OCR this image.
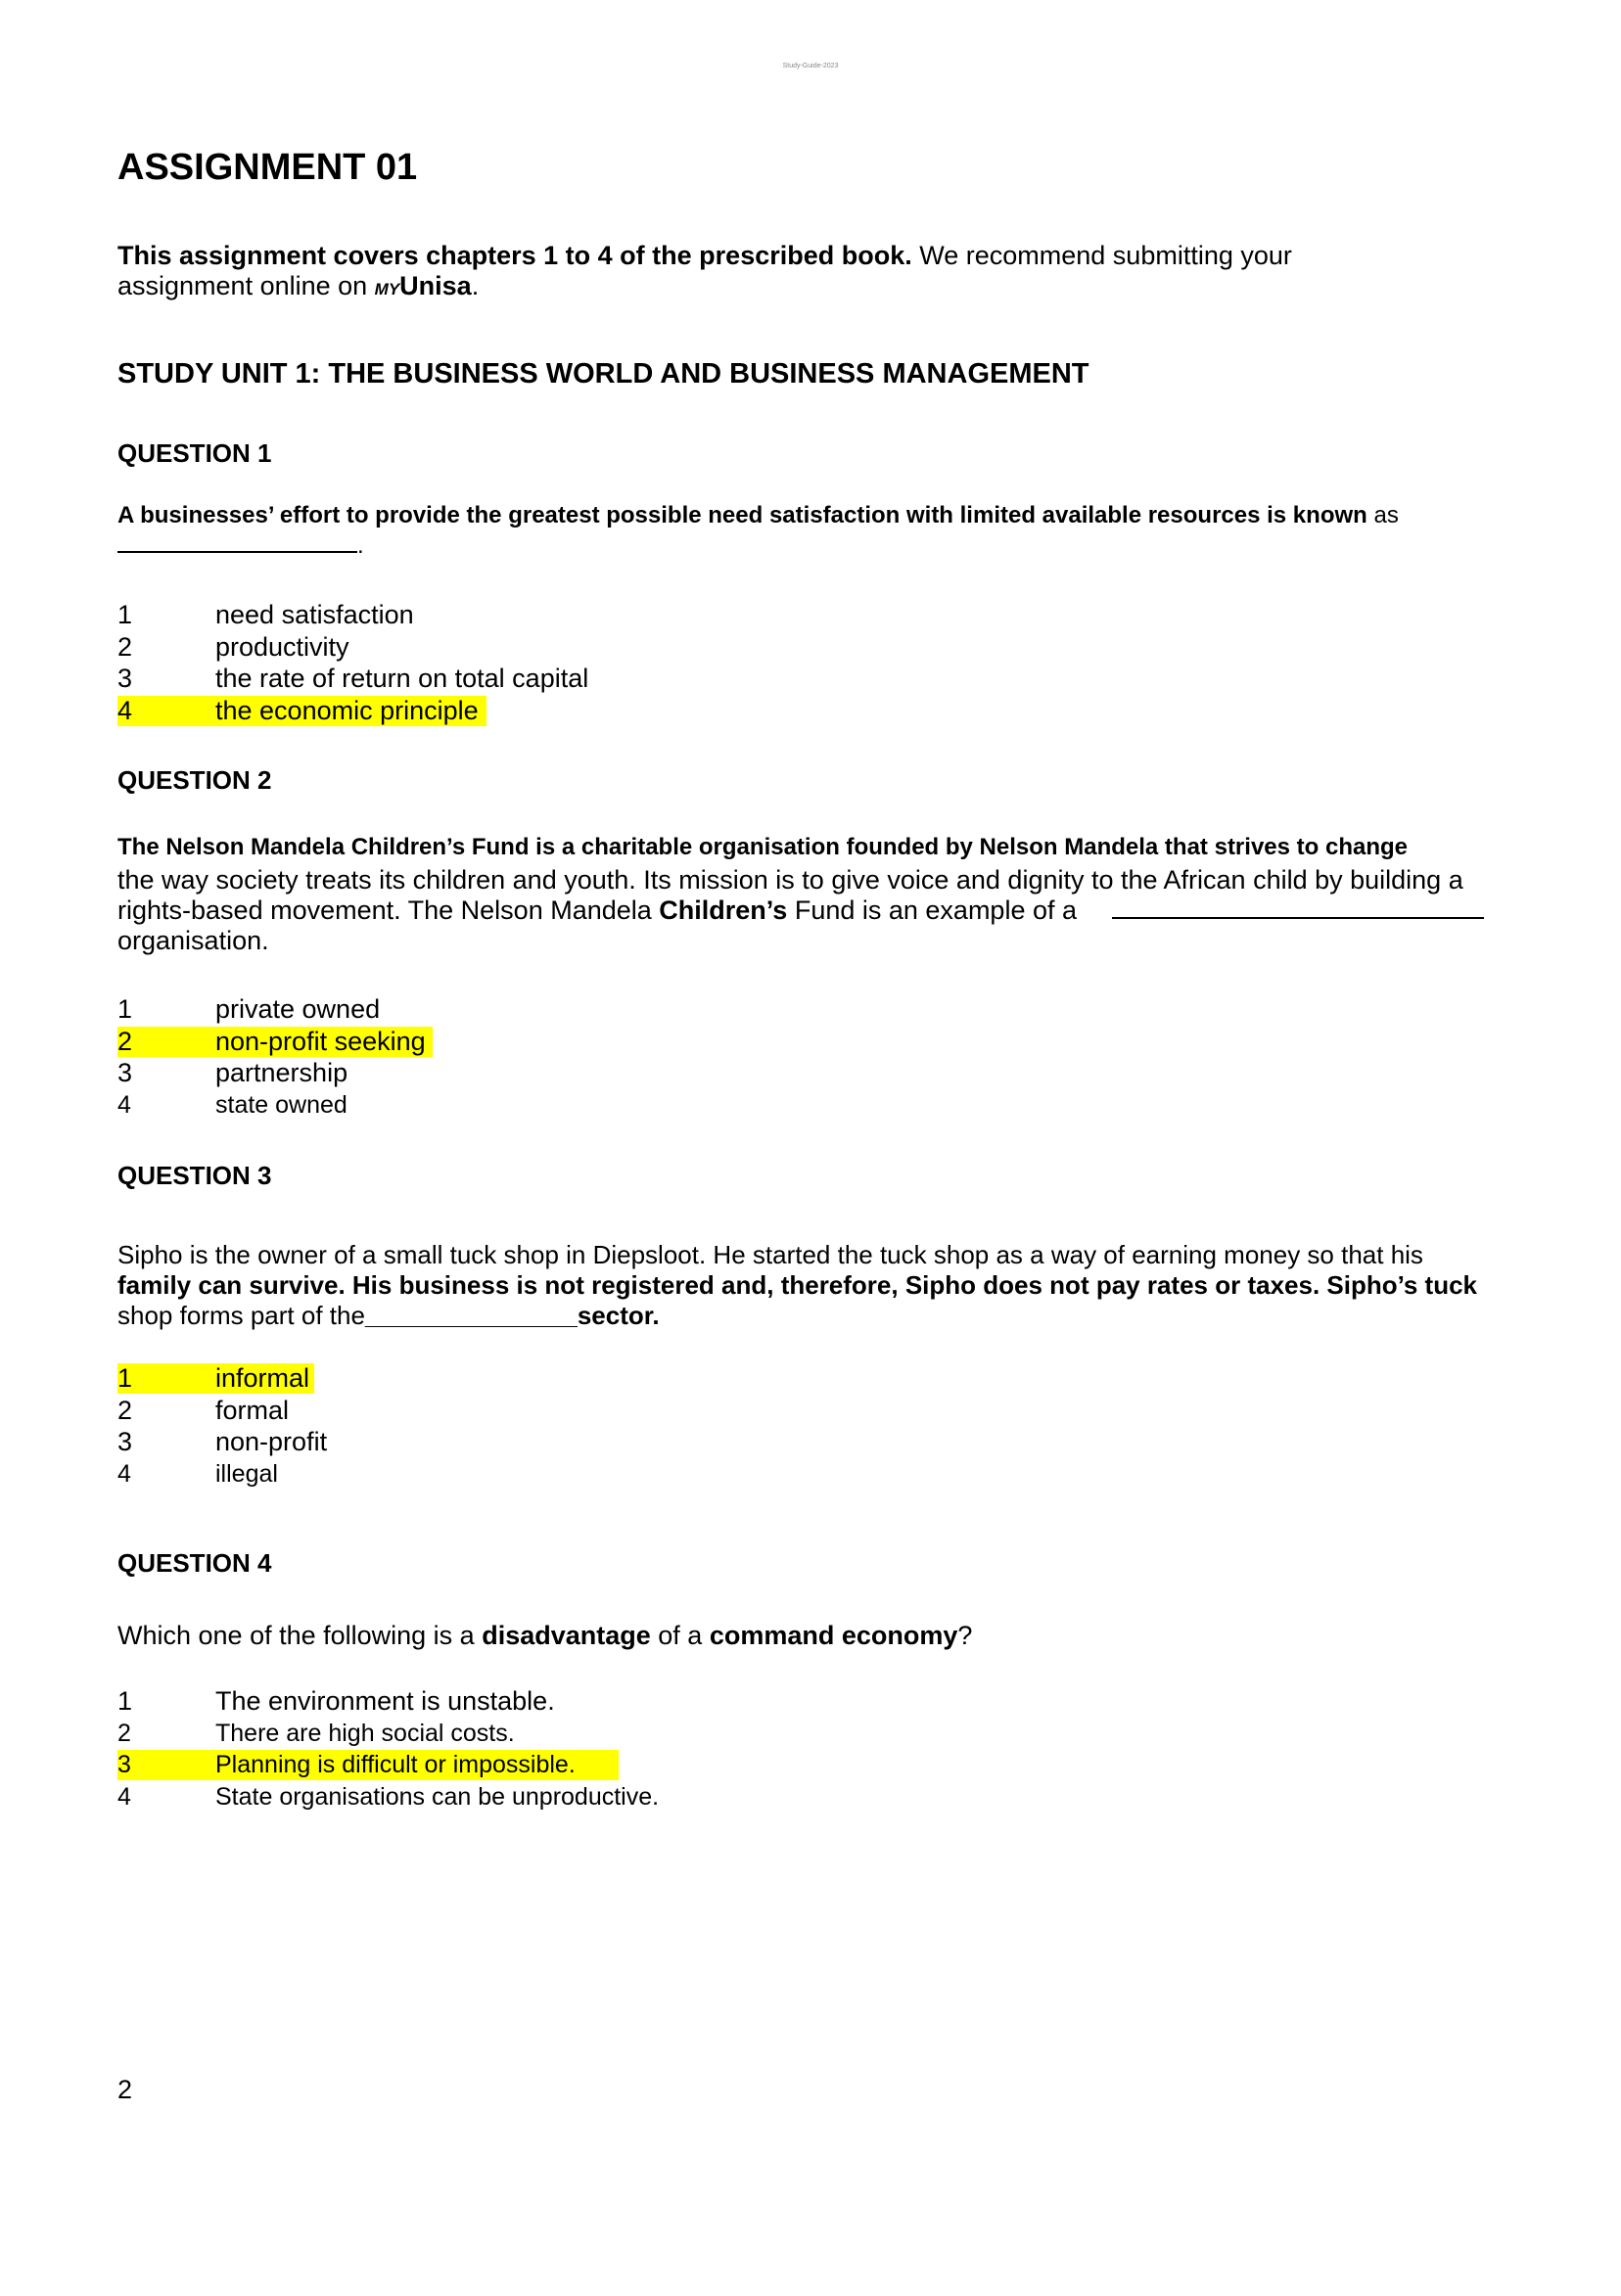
Study-Guide-2023
ASSIGNMENT 01
This assignment covers chapters 1 to 4 of the prescribed book. We recommend submitting your
assignment online on MYUnisa.
STUDY UNIT 1: THE BUSINESS WORLD AND BUSINESS MANAGEMENT
QUESTION 1
A businesses’ effort to provide the greatest possible need satisfaction with limited available resources is known as
.
1	need satisfaction
2	productivity
3	the rate of return on total capital
4	the economic principle
QUESTION 2
The Nelson Mandela Children’s Fund is a charitable organisation founded by Nelson Mandela that strives to change
the way society treats its children and youth. Its mission is to give voice and dignity to the African child by building a
rights-based movement. The Nelson Mandela Children’s Fund is an example of a
organisation.
1	private owned
2	non-profit seeking
3	partnership
4	state owned
QUESTION 3
Sipho is the owner of a small tuck shop in Diepsloot. He started the tuck shop as a way of earning money so that his
family can survive. His business is not registered and, therefore, Sipho does not pay rates or taxes. Sipho’s tuck
shop forms part of the_______________sector.
1	informal
2	formal
3	non-profit
4	illegal
QUESTION 4
Which one of the following is a disadvantage of a command economy?
1	The environment is unstable.
2	There are high social costs.
3	Planning is difficult or impossible.
4	State organisations can be unproductive.
2
